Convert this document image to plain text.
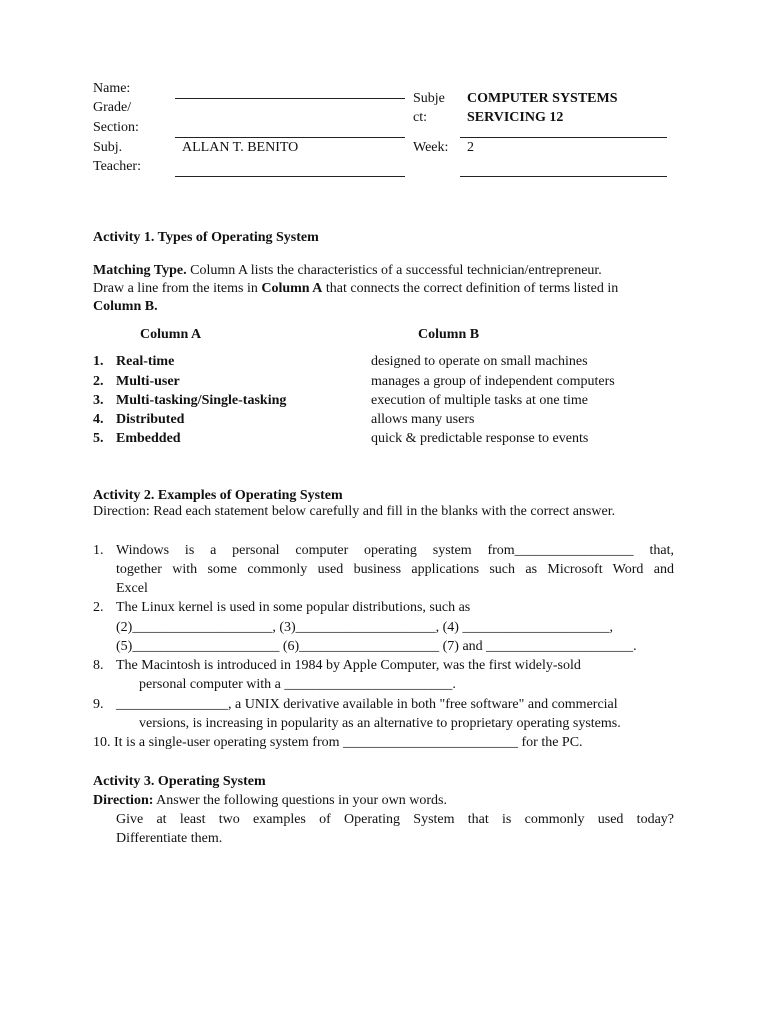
Name:
Grade/
Section:
Subj.
Teacher:
ALLAN T. BENITO
Subje
ct:
COMPUTER SYSTEMS
SERVICING 12
Week: 2
Activity 1. Types of Operating System
Matching Type. Column A lists the characteristics of a successful technician/entrepreneur.
Draw a line from the items in Column A that connects the correct definition of terms listed in
Column B.
Column A	Column B
1. Real-time
2. Multi-user
3. Multi-tasking/Single-tasking
4. Distributed
5. Embedded
designed to operate on small machines
manages a group of independent computers
execution of multiple tasks at one time
allows many users
quick & predictable response to events
Activity 2. Examples of Operating System
Direction: Read each statement below carefully and fill in the blanks with the correct answer.
1. Windows is a personal computer operating system from_________________ that,
together with some commonly used business applications such as Microsoft Word and
Excel
2. The Linux kernel is used in some popular distributions, such as
(2)____________________, (3)____________________, (4) _____________________,
(5)_____________________ (6)____________________ (7) and _____________________.
8. The Macintosh is introduced in 1984 by Apple Computer, was the first widely-sold
personal computer with a ________________________.
9. ________________, a UNIX derivative available in both "free software" and commercial
versions, is increasing in popularity as an alternative to proprietary operating systems.
10. It is a single-user operating system from _________________________ for the PC.
Activity 3. Operating System
Direction: Answer the following questions in your own words.
Give at least two examples of Operating System that is commonly used today?
Differentiate them.
